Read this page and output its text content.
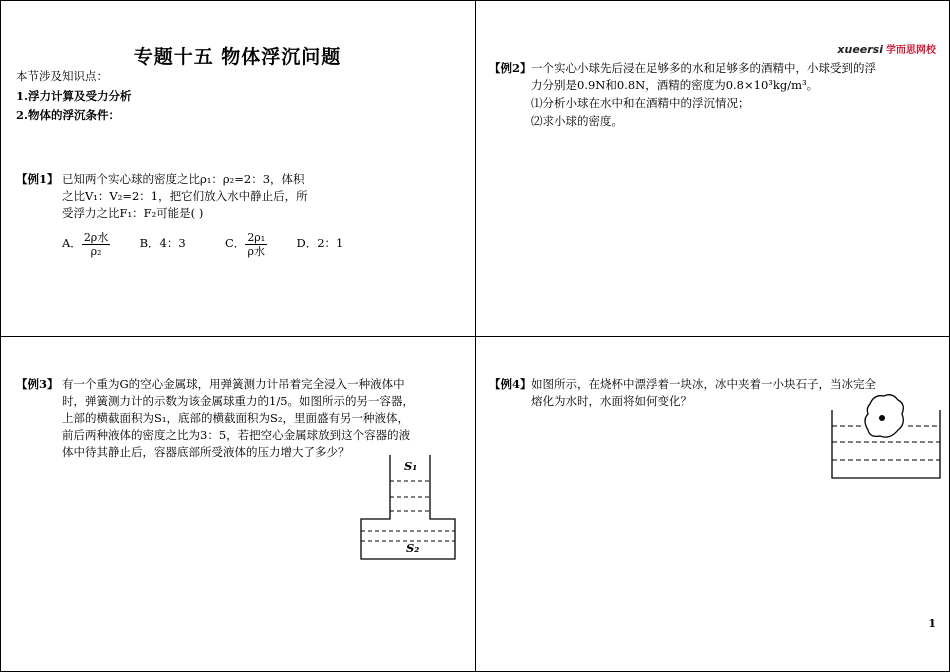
专题十五 物体浮沉问题
本节涉及知识点：
1.浮力计算及受力分析
2.物体的浮沉条件：
【例1】 已知两个实心球的密度之比ρ₁：ρ₂=2：3，体积
之比V₁：V₂=2：1，把它们放入水中静止后，所
受浮力之比F₁：F₂可能是( )
A． $\frac{\text{2ρ水}}{\text{ρ₂}}$	B．4：3	C． $\frac{\text{2ρ₁}}{\text{ρ水}}$	D．2：1
xueersi 学而思网校
【例2】 一个实心小球先后浸在足够多的水和足够多的酒精中，小球受到的浮
力分别是0.9N和0.8N，酒精的密度为0.8×10³kg/m³。
⑴分析小球在水中和在酒精中的浮沉情况；
⑵求小球的密度。
【例3】 有一个重为G的空心金属球，用弹簧测力计吊着完全浸入一种液体中
时，弹簧测力计的示数为该金属球重力的1/5。如图所示的另一容器，
上部的横截面积为S₁，底部的横截面积为S₂，里面盛有另一种液体，
前后两种液体的密度之比为3：5，若把空心金属球放到这个容器的液
体中待其静止后，容器底部所受液体的压力增大了多少？
S₁
S₂
【例4】 如图所示，在烧杯中漂浮着一块冰，冰中夹着一小块石子，当冰完全
熔化为水时，水面将如何变化？
1
